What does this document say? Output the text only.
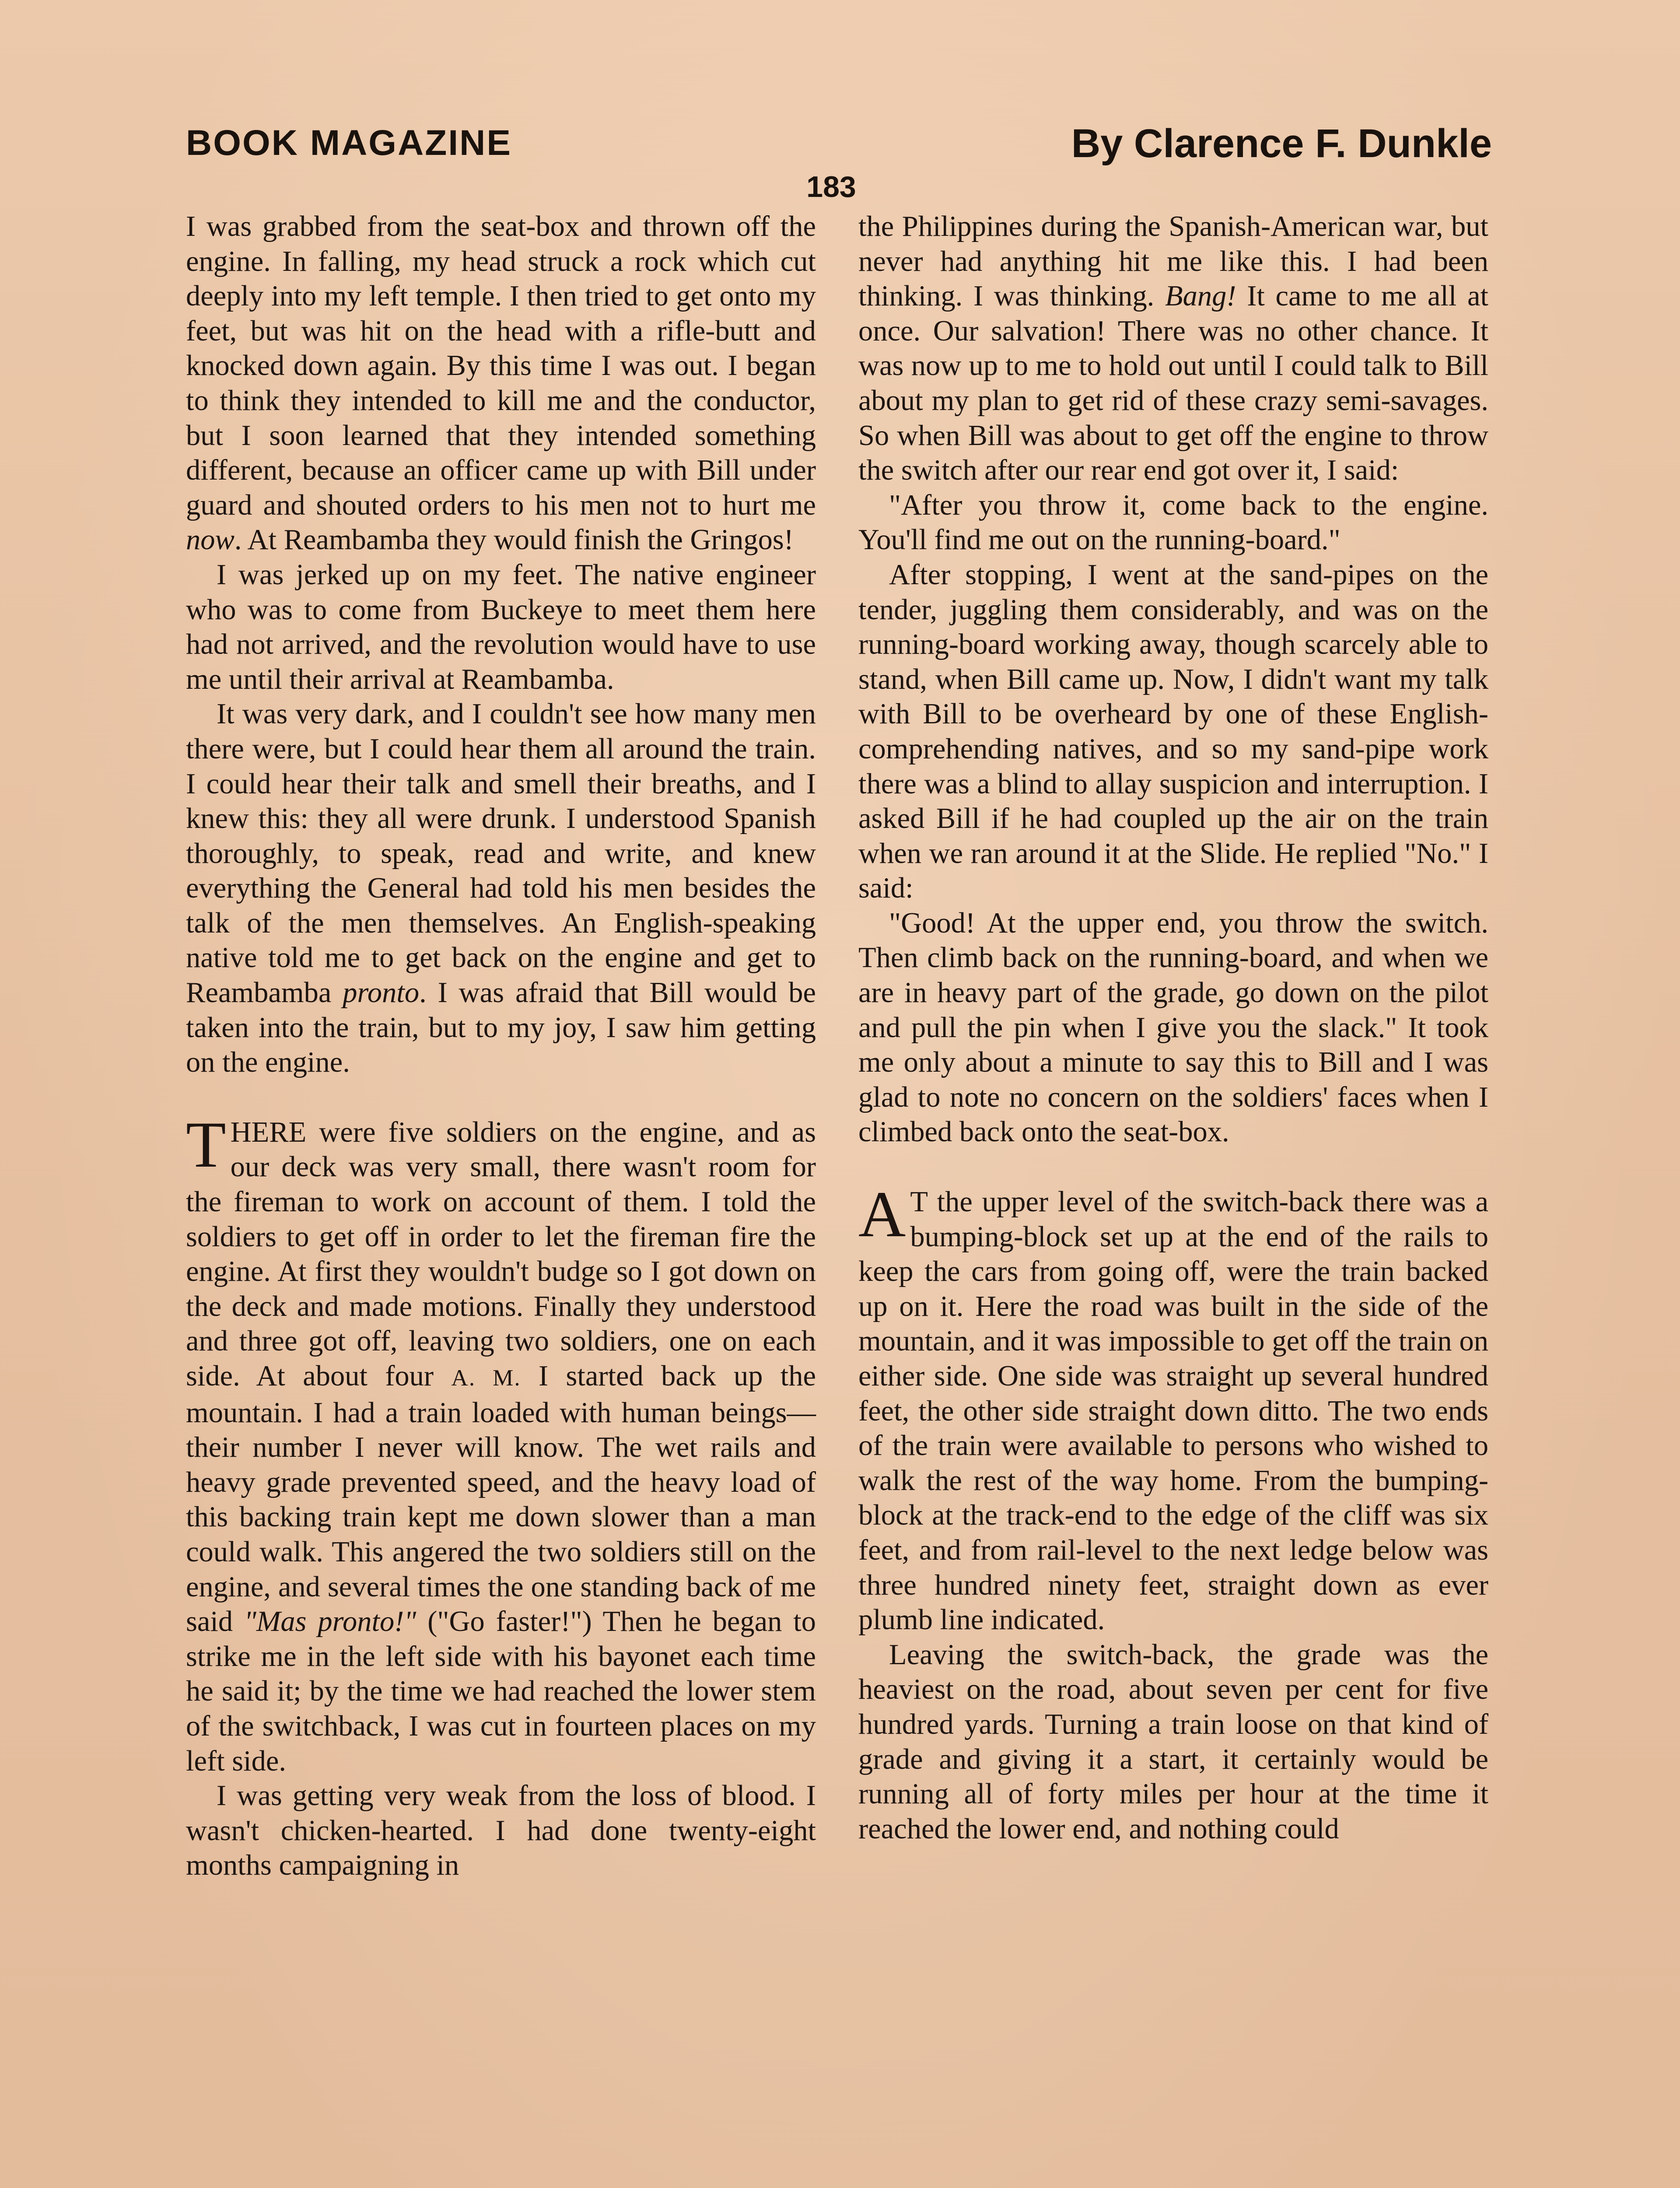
BOOK MAGAZINE	By Clarence F. Dunkle
183

I was grabbed from the seat-box and thrown off the engine. In falling, my head struck a rock which cut deeply into my left temple. I then tried to get onto my feet, but was hit on the head with a rifle-butt and knocked down again. By this time I was out. I began to think they intended to kill me and the conductor, but I soon learned that they intended something different, because an officer came up with Bill under guard and shouted orders to his men not to hurt me now. At Reambamba they would finish the Gringos!

I was jerked up on my feet. The native engineer who was to come from Buckeye to meet them here had not arrived, and the revolution would have to use me until their arrival at Reambamba.

It was very dark, and I couldn't see how many men there were, but I could hear them all around the train. I could hear their talk and smell their breaths, and I knew this: they all were drunk. I understood Spanish thoroughly, to speak, read and write, and knew everything the General had told his men besides the talk of the men themselves. An English-speaking native told me to get back on the engine and get to Reambamba pronto. I was afraid that Bill would be taken into the train, but to my joy, I saw him getting on the engine.

THERE were five soldiers on the engine, and as our deck was very small, there wasn't room for the fireman to work on account of them. I told the soldiers to get off in order to let the fireman fire the engine. At first they wouldn't budge so I got down on the deck and made motions. Finally they understood and three got off, leaving two soldiers, one on each side. At about four A. M. I started back up the mountain. I had a train loaded with human beings—their number I never will know. The wet rails and heavy grade prevented speed, and the heavy load of this backing train kept me down slower than a man could walk. This angered the two soldiers still on the engine, and several times the one standing back of me said "Mas pronto!" ("Go faster!") Then he began to strike me in the left side with his bayonet each time he said it; by the time we had reached the lower stem of the switchback, I was cut in fourteen places on my left side.

I was getting very weak from the loss of blood. I wasn't chicken-hearted. I had done twenty-eight months campaigning in

the Philippines during the Spanish-American war, but never had anything hit me like this. I had been thinking. I was thinking. Bang! It came to me all at once. Our salvation! There was no other chance. It was now up to me to hold out until I could talk to Bill about my plan to get rid of these crazy semi-savages. So when Bill was about to get off the engine to throw the switch after our rear end got over it, I said:

"After you throw it, come back to the engine. You'll find me out on the running-board."

After stopping, I went at the sand-pipes on the tender, juggling them considerably, and was on the running-board working away, though scarcely able to stand, when Bill came up. Now, I didn't want my talk with Bill to be overheard by one of these English-comprehending natives, and so my sand-pipe work there was a blind to allay suspicion and interruption. I asked Bill if he had coupled up the air on the train when we ran around it at the Slide. He replied "No." I said:

"Good! At the upper end, you throw the switch. Then climb back on the running-board, and when we are in heavy part of the grade, go down on the pilot and pull the pin when I give you the slack." It took me only about a minute to say this to Bill and I was glad to note no concern on the soldiers' faces when I climbed back onto the seat-box.

A T the upper level of the switch-back there was a bumping-block set up at the end of the rails to keep the cars from going off, were the train backed up on it. Here the road was built in the side of the mountain, and it was impossible to get off the train on either side. One side was straight up several hundred feet, the other side straight down ditto. The two ends of the train were available to persons who wished to walk the rest of the way home. From the bumping-block at the track-end to the edge of the cliff was six feet, and from rail-level to the next ledge below was three hundred ninety feet, straight down as ever plumb line indicated.

Leaving the switch-back, the grade was the heaviest on the road, about seven per cent for five hundred yards. Turning a train loose on that kind of grade and giving it a start, it certainly would be running all of forty miles per hour at the time it reached the lower end, and nothing could
